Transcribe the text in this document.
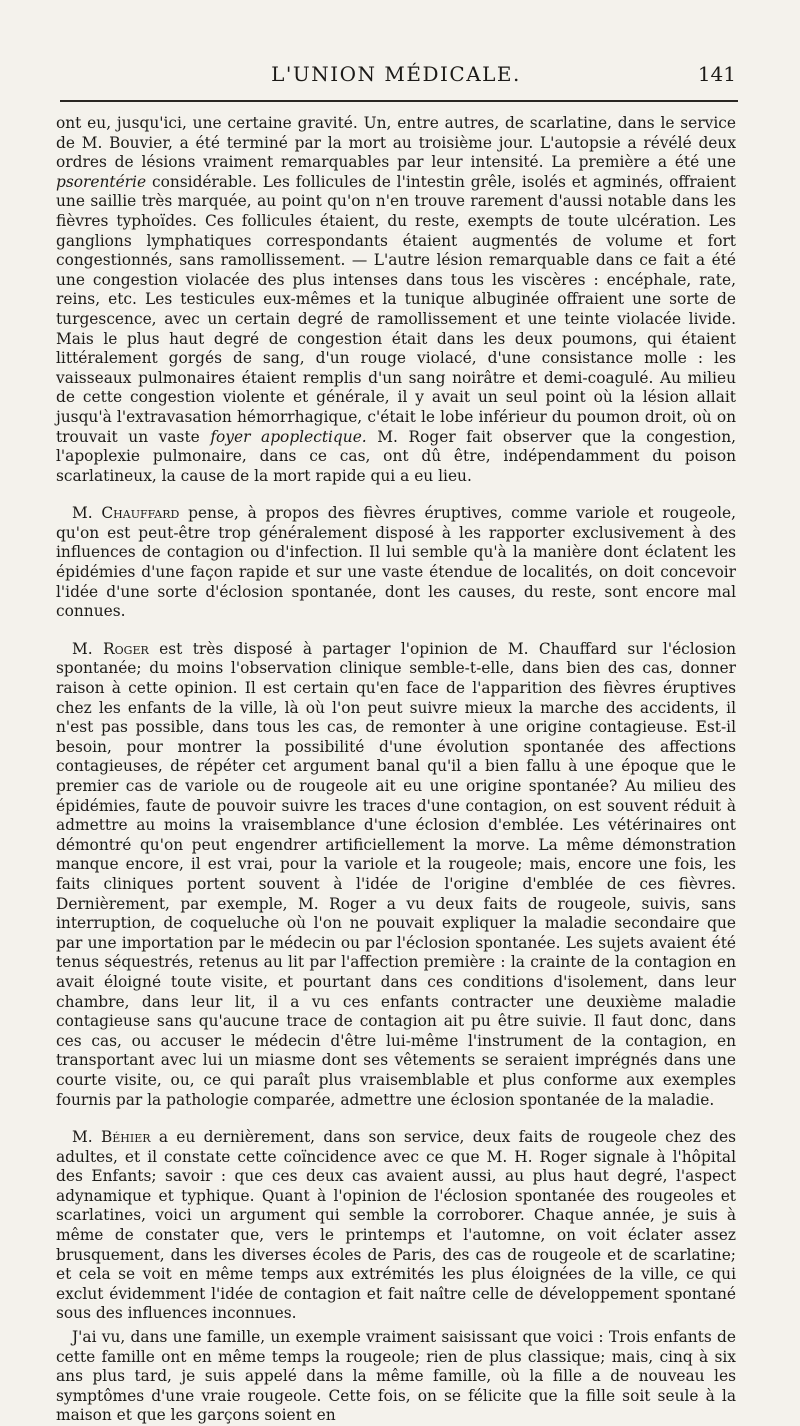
L'UNION MÉDICALE.	141

ont eu, jusqu'ici, une certaine gravité. Un, entre autres, de scarlatine, dans le service de M. Bouvier, a été terminé par la mort au troisième jour. L'autopsie a révélé deux ordres de lésions vraiment remarquables par leur intensité. La première a été une psorentérie considérable. Les follicules de l'intestin grêle, isolés et agminés, offraient une saillie très marquée, au point qu'on n'en trouve rarement d'aussi notable dans les fièvres typhoïdes. Ces follicules étaient, du reste, exempts de toute ulcération. Les ganglions lymphatiques correspondants étaient augmentés de volume et fort congestionnés, sans ramollissement. — L'autre lésion remarquable dans ce fait a été une congestion violacée des plus intenses dans tous les viscères : encéphale, rate, reins, etc. Les testicules eux-mêmes et la tunique albuginée offraient une sorte de turgescence, avec un certain degré de ramollissement et une teinte violacée livide. Mais le plus haut degré de congestion était dans les deux poumons, qui étaient littéralement gorgés de sang, d'un rouge violacé, d'une consistance molle : les vaisseaux pulmonaires étaient remplis d'un sang noirâtre et demi-coagulé. Au milieu de cette congestion violente et générale, il y avait un seul point où la lésion allait jusqu'à l'extravasation hémorrhagique, c'était le lobe inférieur du poumon droit, où on trouvait un vaste foyer apoplectique. M. Roger fait observer que la congestion, l'apoplexie pulmonaire, dans ce cas, ont dû être, indépendamment du poison scarlatineux, la cause de la mort rapide qui a eu lieu.

M. Chauffard pense, à propos des fièvres éruptives, comme variole et rougeole, qu'on est peut-être trop généralement disposé à les rapporter exclusivement à des influences de contagion ou d'infection. Il lui semble qu'à la manière dont éclatent les épidémies d'une façon rapide et sur une vaste étendue de localités, on doit concevoir l'idée d'une sorte d'éclosion spontanée, dont les causes, du reste, sont encore mal connues.

M. Roger est très disposé à partager l'opinion de M. Chauffard sur l'éclosion spontanée; du moins l'observation clinique semble-t-elle, dans bien des cas, donner raison à cette opinion. Il est certain qu'en face de l'apparition des fièvres éruptives chez les enfants de la ville, là où l'on peut suivre mieux la marche des accidents, il n'est pas possible, dans tous les cas, de remonter à une origine contagieuse. Est-il besoin, pour montrer la possibilité d'une évolution spontanée des affections contagieuses, de répéter cet argument banal qu'il a bien fallu à une époque que le premier cas de variole ou de rougeole ait eu une origine spontanée? Au milieu des épidémies, faute de pouvoir suivre les traces d'une contagion, on est souvent réduit à admettre au moins la vraisemblance d'une éclosion d'emblée. Les vétérinaires ont démontré qu'on peut engendrer artificiellement la morve. La même démonstration manque encore, il est vrai, pour la variole et la rougeole; mais, encore une fois, les faits cliniques portent souvent à l'idée de l'origine d'emblée de ces fièvres. Dernièrement, par exemple, M. Roger a vu deux faits de rougeole, suivis, sans interruption, de coqueluche où l'on ne pouvait expliquer la maladie secondaire que par une importation par le médecin ou par l'éclosion spontanée. Les sujets avaient été tenus séquestrés, retenus au lit par l'affection première : la crainte de la contagion en avait éloigné toute visite, et pourtant dans ces conditions d'isolement, dans leur chambre, dans leur lit, il a vu ces enfants contracter une deuxième maladie contagieuse sans qu'aucune trace de contagion ait pu être suivie. Il faut donc, dans ces cas, ou accuser le médecin d'être lui-même l'instrument de la contagion, en transportant avec lui un miasme dont ses vêtements se seraient imprégnés dans une courte visite, ou, ce qui paraît plus vraisemblable et plus conforme aux exemples fournis par la pathologie comparée, admettre une éclosion spontanée de la maladie.

M. Béhier a eu dernièrement, dans son service, deux faits de rougeole chez des adultes, et il constate cette coïncidence avec ce que M. H. Roger signale à l'hôpital des Enfants; savoir : que ces deux cas avaient aussi, au plus haut degré, l'aspect adynamique et typhique. Quant à l'opinion de l'éclosion spontanée des rougeoles et scarlatines, voici un argument qui semble la corroborer. Chaque année, je suis à même de constater que, vers le printemps et l'automne, on voit éclater assez brusquement, dans les diverses écoles de Paris, des cas de rougeole et de scarlatine; et cela se voit en même temps aux extrémités les plus éloignées de la ville, ce qui exclut évidemment l'idée de contagion et fait naître celle de développement spontané sous des influences inconnues.

J'ai vu, dans une famille, un exemple vraiment saisissant que voici : Trois enfants de cette famille ont en même temps la rougeole; rien de plus classique; mais, cinq à six ans plus tard, je suis appelé dans la même famille, où la fille a de nouveau les symptômes d'une vraie rougeole. Cette fois, on se félicite que la fille soit seule à la maison et que les garçons soient en
